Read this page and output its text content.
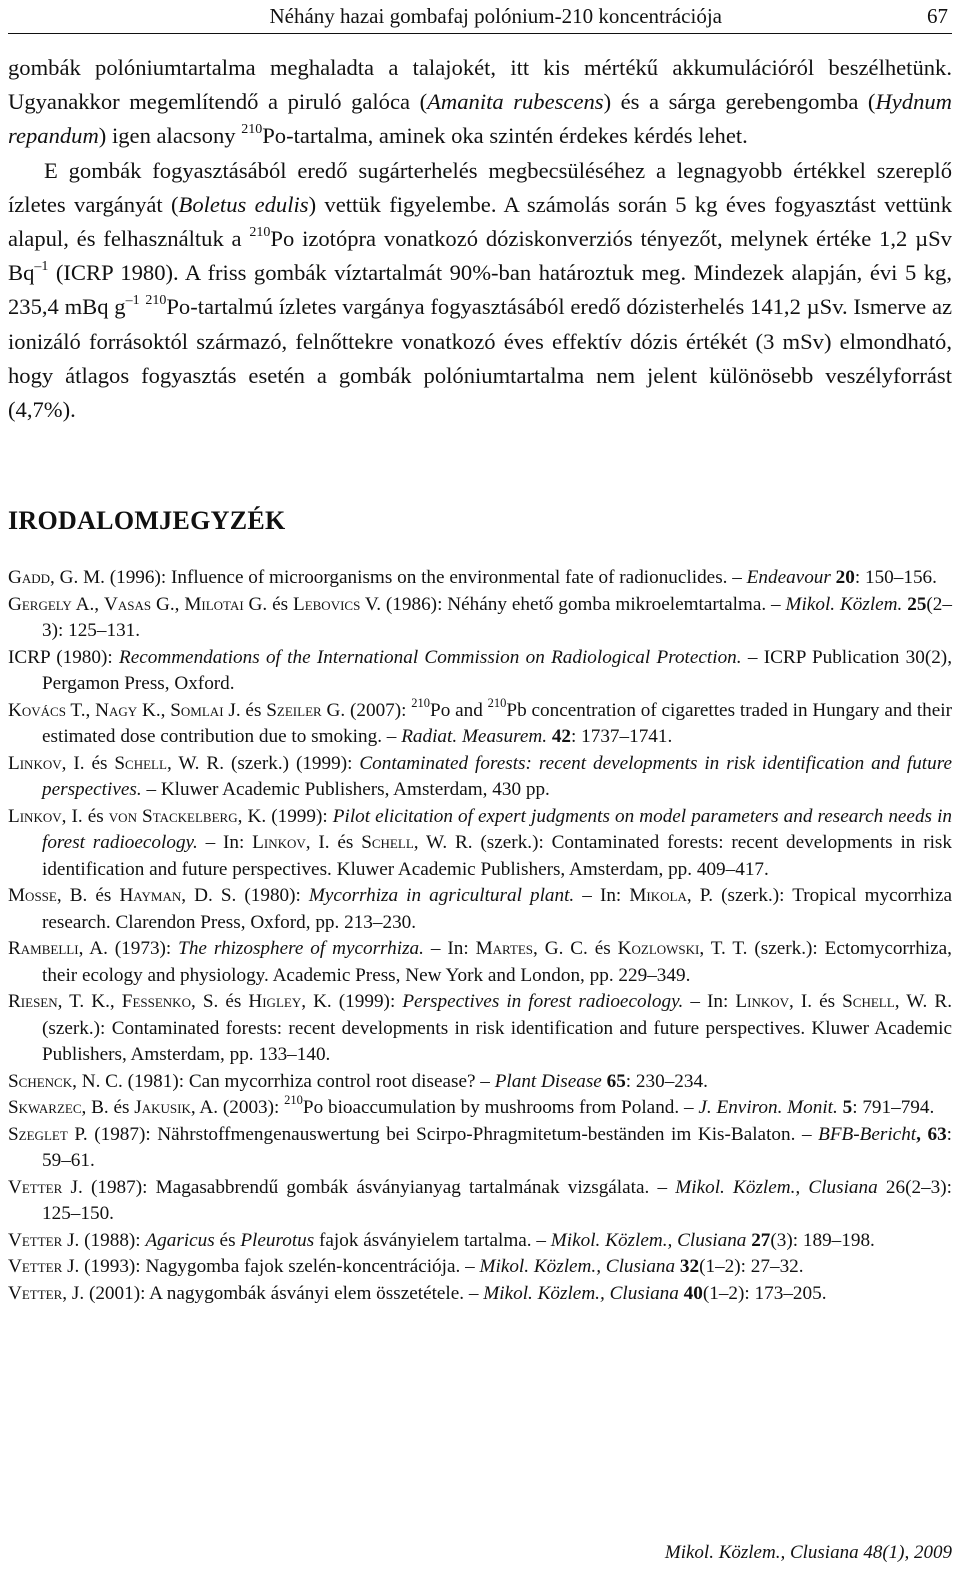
Néhány hazai gombafaj polónium-210 koncentrációja	67

gombák polóniumtartalma meghaladta a talajokét, itt kis mértékű akkumulációról beszélhetünk. Ugyanakkor megemlítendő a piruló galóca (Amanita rubescens) és a sárga gerebengomba (Hydnum repandum) igen alacsony $^{210}$Po-tartalma, aminek oka szintén érdekes kérdés lehet.

E gombák fogyasztásából eredő sugárterhelés megbecsüléséhez a legnagyobb értékkel szereplő ízletes vargányát (Boletus edulis) vettük figyelembe. A számolás során 5 kg éves fogyasztást vettünk alapul, és felhasználtuk a $^{210}$Po izotópra vonatkozó dóziskonverziós tényezőt, melynek értéke 1,2 µSv $Bq^{-1}$ (ICRP 1980). A friss gombák víztartalmát 90%-ban határoztuk meg. Mindezek alapján, évi 5 kg, 235,4 mBq $g^{-1}$ $^{210}$Po-tartalmú ízletes vargánya fogyasztásából eredő dózisterhelés 141,2 µSv. Ismerve az ionizáló forrásoktól származó, felnőttekre vonatkozó éves effektív dózis értékét (3 mSv) elmondható, hogy átlagos fogyasztás esetén a gombák polóniumtartalma nem jelent különösebb veszélyforrást (4,7%).

IRODALOMJEGYZÉK
Gadd, G. M. (1996): Influence of microorganisms on the environmental fate of radionuclides. – Endeavour 20: 150–156.
Gergely A., Vasas G., Milotai G. és Lebovics V. (1986): Néhány ehető gomba mikroelemtartalma. – Mikol. Közlem. 25(2–3): 125–131.
ICRP (1980): Recommendations of the International Commission on Radiological Protection. – ICRP Publication 30(2), Pergamon Press, Oxford.
Kovács T., Nagy K., Somlai J. és Szeiler G. (2007): $^{210}$Po and $^{210}$Pb concentration of cigarettes traded in Hungary and their estimated dose contribution due to smoking. – Radiat. Measurem. 42: 1737–1741.
Linkov, I. és Schell, W. R. (szerk.) (1999): Contaminated forests: recent developments in risk identification and future perspectives. – Kluwer Academic Publishers, Amsterdam, 430 pp.
Linkov, I. és von Stackelberg, K. (1999): Pilot elicitation of expert judgments on model parameters and research needs in forest radioecology. – In: Linkov, I. és Schell, W. R. (szerk.): Contaminated forests: recent developments in risk identification and future perspectives. Kluwer Academic Publishers, Amsterdam, pp. 409–417.
Mosse, B. és Hayman, D. S. (1980): Mycorrhiza in agricultural plant. – In: Mikola, P. (szerk.): Tropical mycorrhiza research. Clarendon Press, Oxford, pp. 213–230.
Rambelli, A. (1973): The rhizosphere of mycorrhiza. – In: Martes, G. C. és Kozlowski, T. T. (szerk.): Ectomycorrhiza, their ecology and physiology. Academic Press, New York and London, pp. 229–349.
Riesen, T. K., Fessenko, S. és Higley, K. (1999): Perspectives in forest radioecology. – In: Linkov, I. és Schell, W. R. (szerk.): Contaminated forests: recent developments in risk identification and future perspectives. Kluwer Academic Publishers, Amsterdam, pp. 133–140.
Schenck, N. C. (1981): Can mycorrhiza control root disease? – Plant Disease 65: 230–234.
Skwarzec, B. és Jakusik, A. (2003): $^{210}$Po bioaccumulation by mushrooms from Poland. – J. Environ. Monit. 5: 791–794.
Szeglet P. (1987): Nährstoffmengenauswertung bei Scirpo-Phragmitetum-beständen im Kis-Balaton. – BFB-Bericht, 63: 59–61.
Vetter J. (1987): Magasabbrendű gombák ásványianyag tartalmának vizsgálata. – Mikol. Közlem., Clusiana 26(2–3): 125–150.
Vetter J. (1988): Agaricus és Pleurotus fajok ásványielem tartalma. – Mikol. Közlem., Clusiana 27(3): 189–198.
Vetter J. (1993): Nagygomba fajok szelén-koncentrációja. – Mikol. Közlem., Clusiana 32(1–2): 27–32.
Vetter, J. (2001): A nagygombák ásványi elem összetétele. – Mikol. Közlem., Clusiana 40(1–2): 173–205.
Mikol. Közlem., Clusiana 48(1), 2009
